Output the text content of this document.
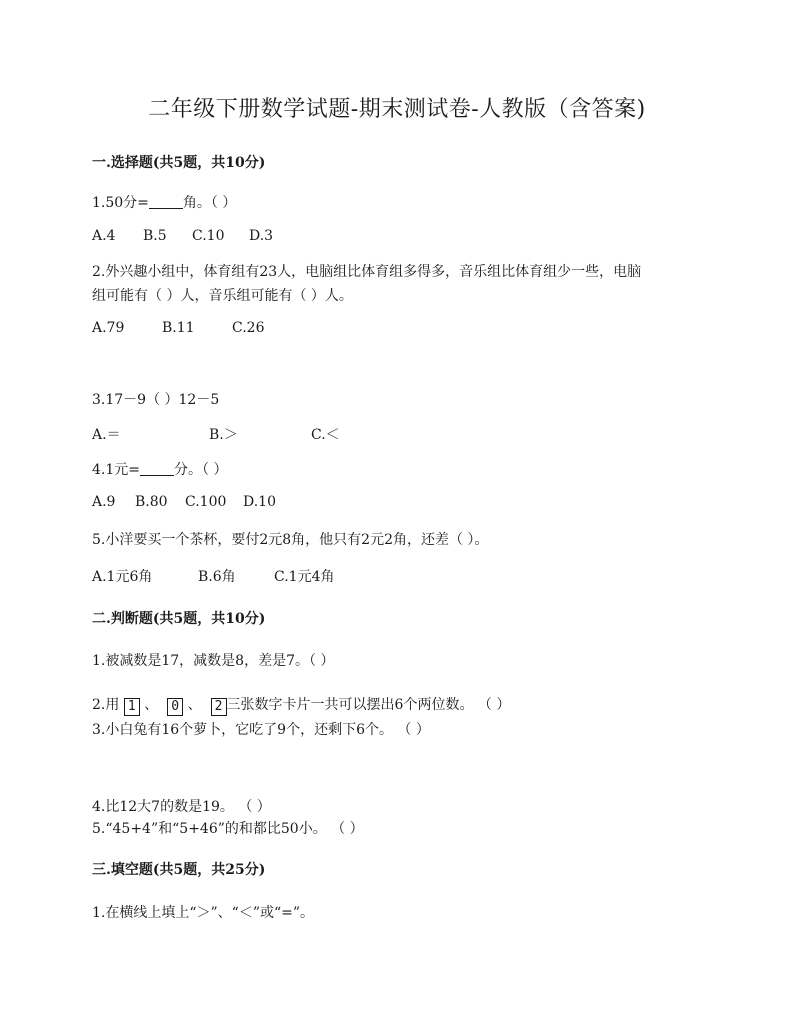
二年级下册数学试题-期末测试卷-人教版（含答案)
一.选择题(共5题，共10分)
1.50分= 角。（ ）
A.4 B.5 C.10 D.3
2.外兴趣小组中，体育组有23人，电脑组比体育组多得多，音乐组比体育组少一些，电脑
组可能有（ ）人，音乐组可能有（ ）人。
A.79	B.11	C.26
3.17－9（ ）12－5
A.＝	B.＞	C.＜
4.1元= 分。（ ）
A.9 B.80 C.100 D.10
5.小洋要买一个茶杯，要付2元8角，他只有2元2角，还差（ ）。
A.1元6角	B.6角	C.1元4角
二.判断题(共5题，共10分)
1.被减数是17，减数是8，差是7。（ ）
2.用 1 、 0 、 2 三张数字卡片一共可以摆出6个两位数。 （ ）
3.小白兔有16个萝卜，它吃了9个，还剩下6个。 （ ）
4.比12大7的数是19。 （ ）
5.“45+4”和“5+46”的和都比50小。 （ ）
三.填空题(共5题，共25分)
1.在横线上填上“＞”、“＜”或“=”。
